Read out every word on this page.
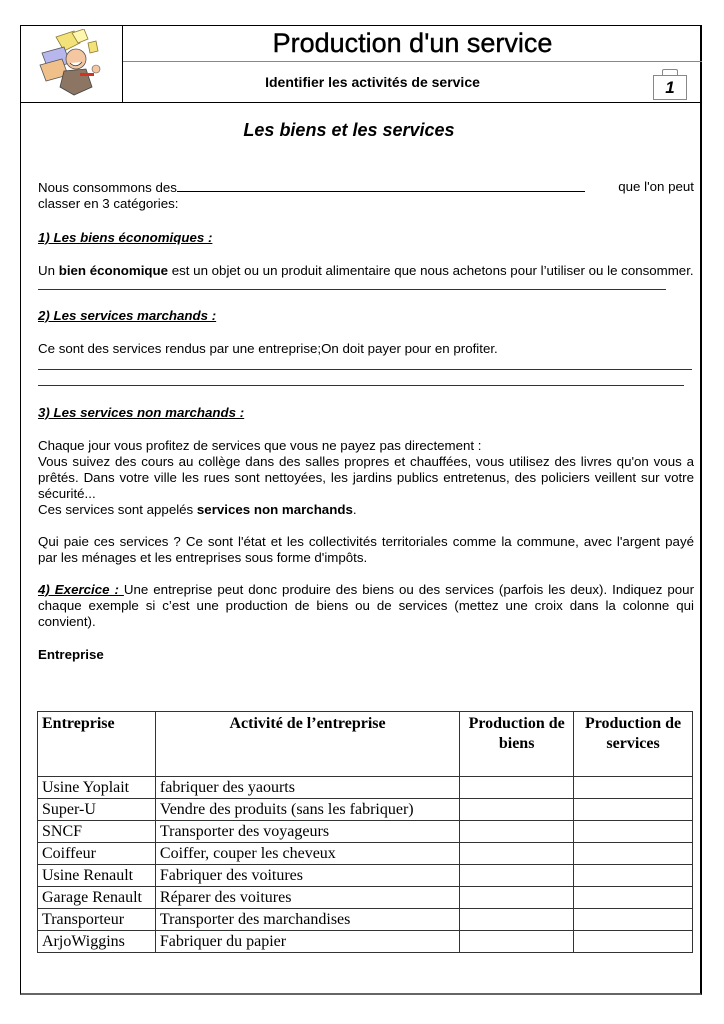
Production d'un service
Identifier les activités de service	1
Les biens et les services

Nous consommons des	que l'on peut

classer en 3 catégories:

1) Les biens économiques :

Un bien économique est un objet ou un produit alimentaire que nous achetons pour l’utiliser ou le consommer.

2) Les services marchands :

Ce sont des services rendus par une entreprise;On doit payer pour en profiter.

3) Les services non marchands :

Chaque jour vous profitez de services que vous ne payez pas directement :

Vous suivez des cours au collège dans des salles propres et chauffées, vous utilisez des livres qu'on vous a prêtés. Dans votre ville les rues sont nettoyées, les jardins publics entretenus, des policiers veillent sur votre sécurité...

Ces services sont appelés services non marchands.

Qui paie ces services ? Ce sont l'état et les collectivités territoriales comme la commune, avec l'argent payé par les ménages et les entreprises sous forme d'impôts.

4) Exercice : Une entreprise peut donc produire des biens ou des services (parfois les deux). Indiquez pour chaque exemple si c’est une production de biens ou de services (mettez une croix dans la colonne qui convient).

Entreprise
Entreprise	Activité de l’entreprise	Production de biens	Production de services
Usine Yoplait	fabriquer des yaourts		
Super-U	Vendre des produits (sans les fabriquer)		
SNCF	Transporter des voyageurs		
Coiffeur	Coiffer, couper les cheveux		
Usine Renault	Fabriquer des voitures		
Garage Renault	Réparer des voitures		
Transporteur	Transporter des marchandises		
ArjoWiggins	Fabriquer du papier		
